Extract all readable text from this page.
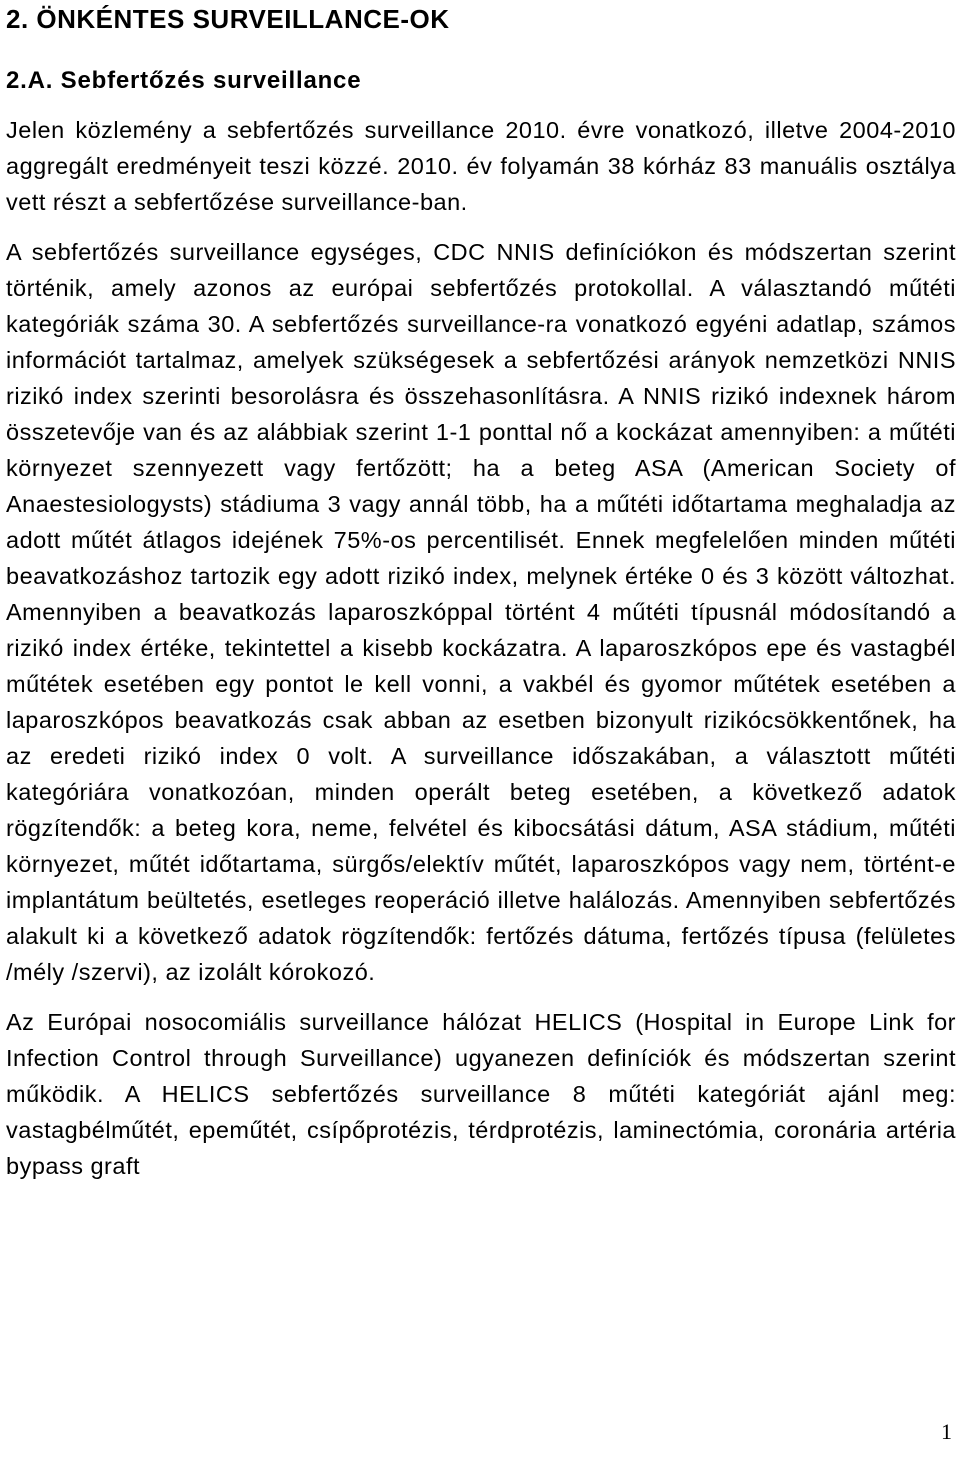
2. ÖNKÉNTES SURVEILLANCE-OK
2.A. Sebfertőzés surveillance

Jelen közlemény a sebfertőzés surveillance 2010. évre vonatkozó, illetve 2004-2010 aggregált eredményeit teszi közzé. 2010. év folyamán 38 kórház 83 manuális osztálya vett részt a sebfertőzése surveillance-ban.

A sebfertőzés surveillance egységes, CDC NNIS definíciókon és módszertan szerint történik, amely azonos az európai sebfertőzés protokollal. A választandó műtéti kategóriák száma 30. A sebfertőzés surveillance-ra vonatkozó egyéni adatlap, számos információt tartalmaz, amelyek szükségesek a sebfertőzési arányok nemzetközi NNIS rizikó index szerinti besorolásra és összehasonlításra. A NNIS rizikó indexnek három összetevője van és az alábbiak szerint 1-1 ponttal nő a kockázat amennyiben: a műtéti környezet szennyezett vagy fertőzött; ha a beteg ASA (American Society of Anaestesiologysts) stádiuma 3 vagy annál több, ha a műtéti időtartama meghaladja az adott műtét átlagos idejének 75%-os percentilisét. Ennek megfelelően minden műtéti beavatkozáshoz tartozik egy adott rizikó index, melynek értéke 0 és 3 között változhat. Amennyiben a beavatkozás laparoszkóppal történt 4 műtéti típusnál módosítandó a rizikó index értéke, tekintettel a kisebb kockázatra. A laparoszkópos epe és vastagbél műtétek esetében egy pontot le kell vonni, a vakbél és gyomor műtétek esetében a laparoszkópos beavatkozás csak abban az esetben bizonyult rizikócsökkentőnek, ha az eredeti rizikó index 0 volt. A surveillance időszakában, a választott műtéti kategóriára vonatkozóan, minden operált beteg esetében, a következő adatok rögzítendők: a beteg kora, neme, felvétel és kibocsátási dátum, ASA stádium, műtéti környezet, műtét időtartama, sürgős/elektív műtét, laparoszkópos vagy nem, történt-e implantátum beültetés, esetleges reoperáció illetve halálozás. Amennyiben sebfertőzés alakult ki a következő adatok rögzítendők: fertőzés dátuma, fertőzés típusa (felületes /mély /szervi), az izolált kórokozó.

Az Európai nosocomiális surveillance hálózat HELICS (Hospital in Europe Link for Infection Control through Surveillance) ugyanezen definíciók és módszertan szerint működik. A HELICS sebfertőzés surveillance 8 műtéti kategóriát ajánl meg: vastagbélműtét, epeműtét, csípőprotézis, térdprotézis, laminectómia, coronária artéria bypass graft

1
